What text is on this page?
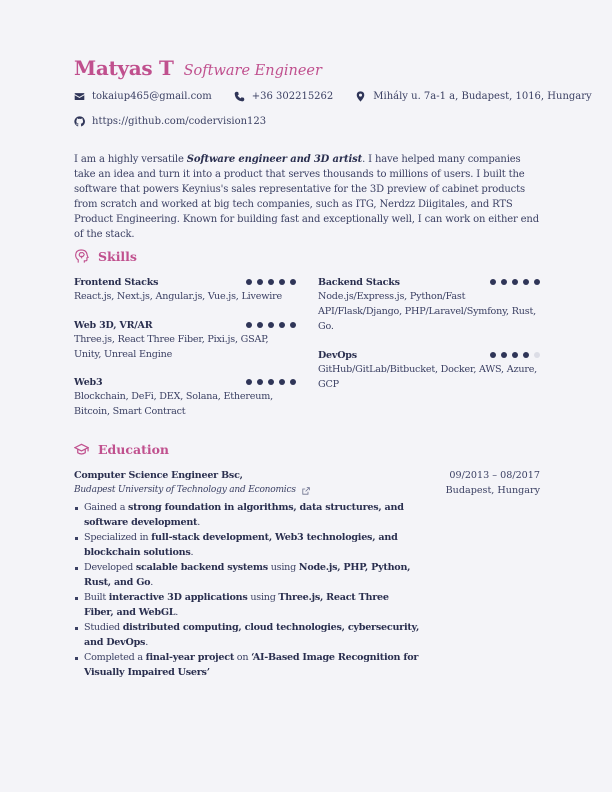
Matyas T Software Engineer
tokaiup465@gmail.com	+36 302215262	Mihály u. 7a-1 a, Budapest, 1016, Hungary
https://github.com/codervision123

I am a highly versatile Software engineer and 3D artist. I have helped many companies take an idea and turn it into a product that serves thousands to millions of users. I built the software that powers Keynius's sales representative for the 3D preview of cabinet products from scratch and worked at big tech companies, such as ITG, Nerdzz Diigitales, and RTS Product Engineering. Known for building fast and exceptionally well, I can work on either end of the stack.

Skills
Frontend Stacks
React.js, Next.js, Angular.js, Vue.js, Livewire
Web 3D, VR/AR
Three.js, React Three Fiber, Pixi.js, GSAP, Unity, Unreal Engine
Web3
Blockchain, DeFi, DEX, Solana, Ethereum, Bitcoin, Smart Contract
Backend Stacks
Node.js/Express.js, Python/Fast API/Flask/Django, PHP/Laravel/Symfony, Rust, Go.
DevOps
GitHub/GitLab/Bitbucket, Docker, AWS, Azure, GCP
Education
Computer Science Engineer Bsc,
Budapest University of Technology and Economics
09/2013 – 08/2017
Budapest, Hungary
Gained a strong foundation in algorithms, data structures, and software development.
Specialized in full-stack development, Web3 technologies, and blockchain solutions.
Developed scalable backend systems using Node.js, PHP, Python, Rust, and Go.
Built interactive 3D applications using Three.js, React Three Fiber, and WebGL.
Studied distributed computing, cloud technologies, cybersecurity, and DevOps.
Completed a final-year project on ‘AI-Based Image Recognition for Visually Impaired Users’
